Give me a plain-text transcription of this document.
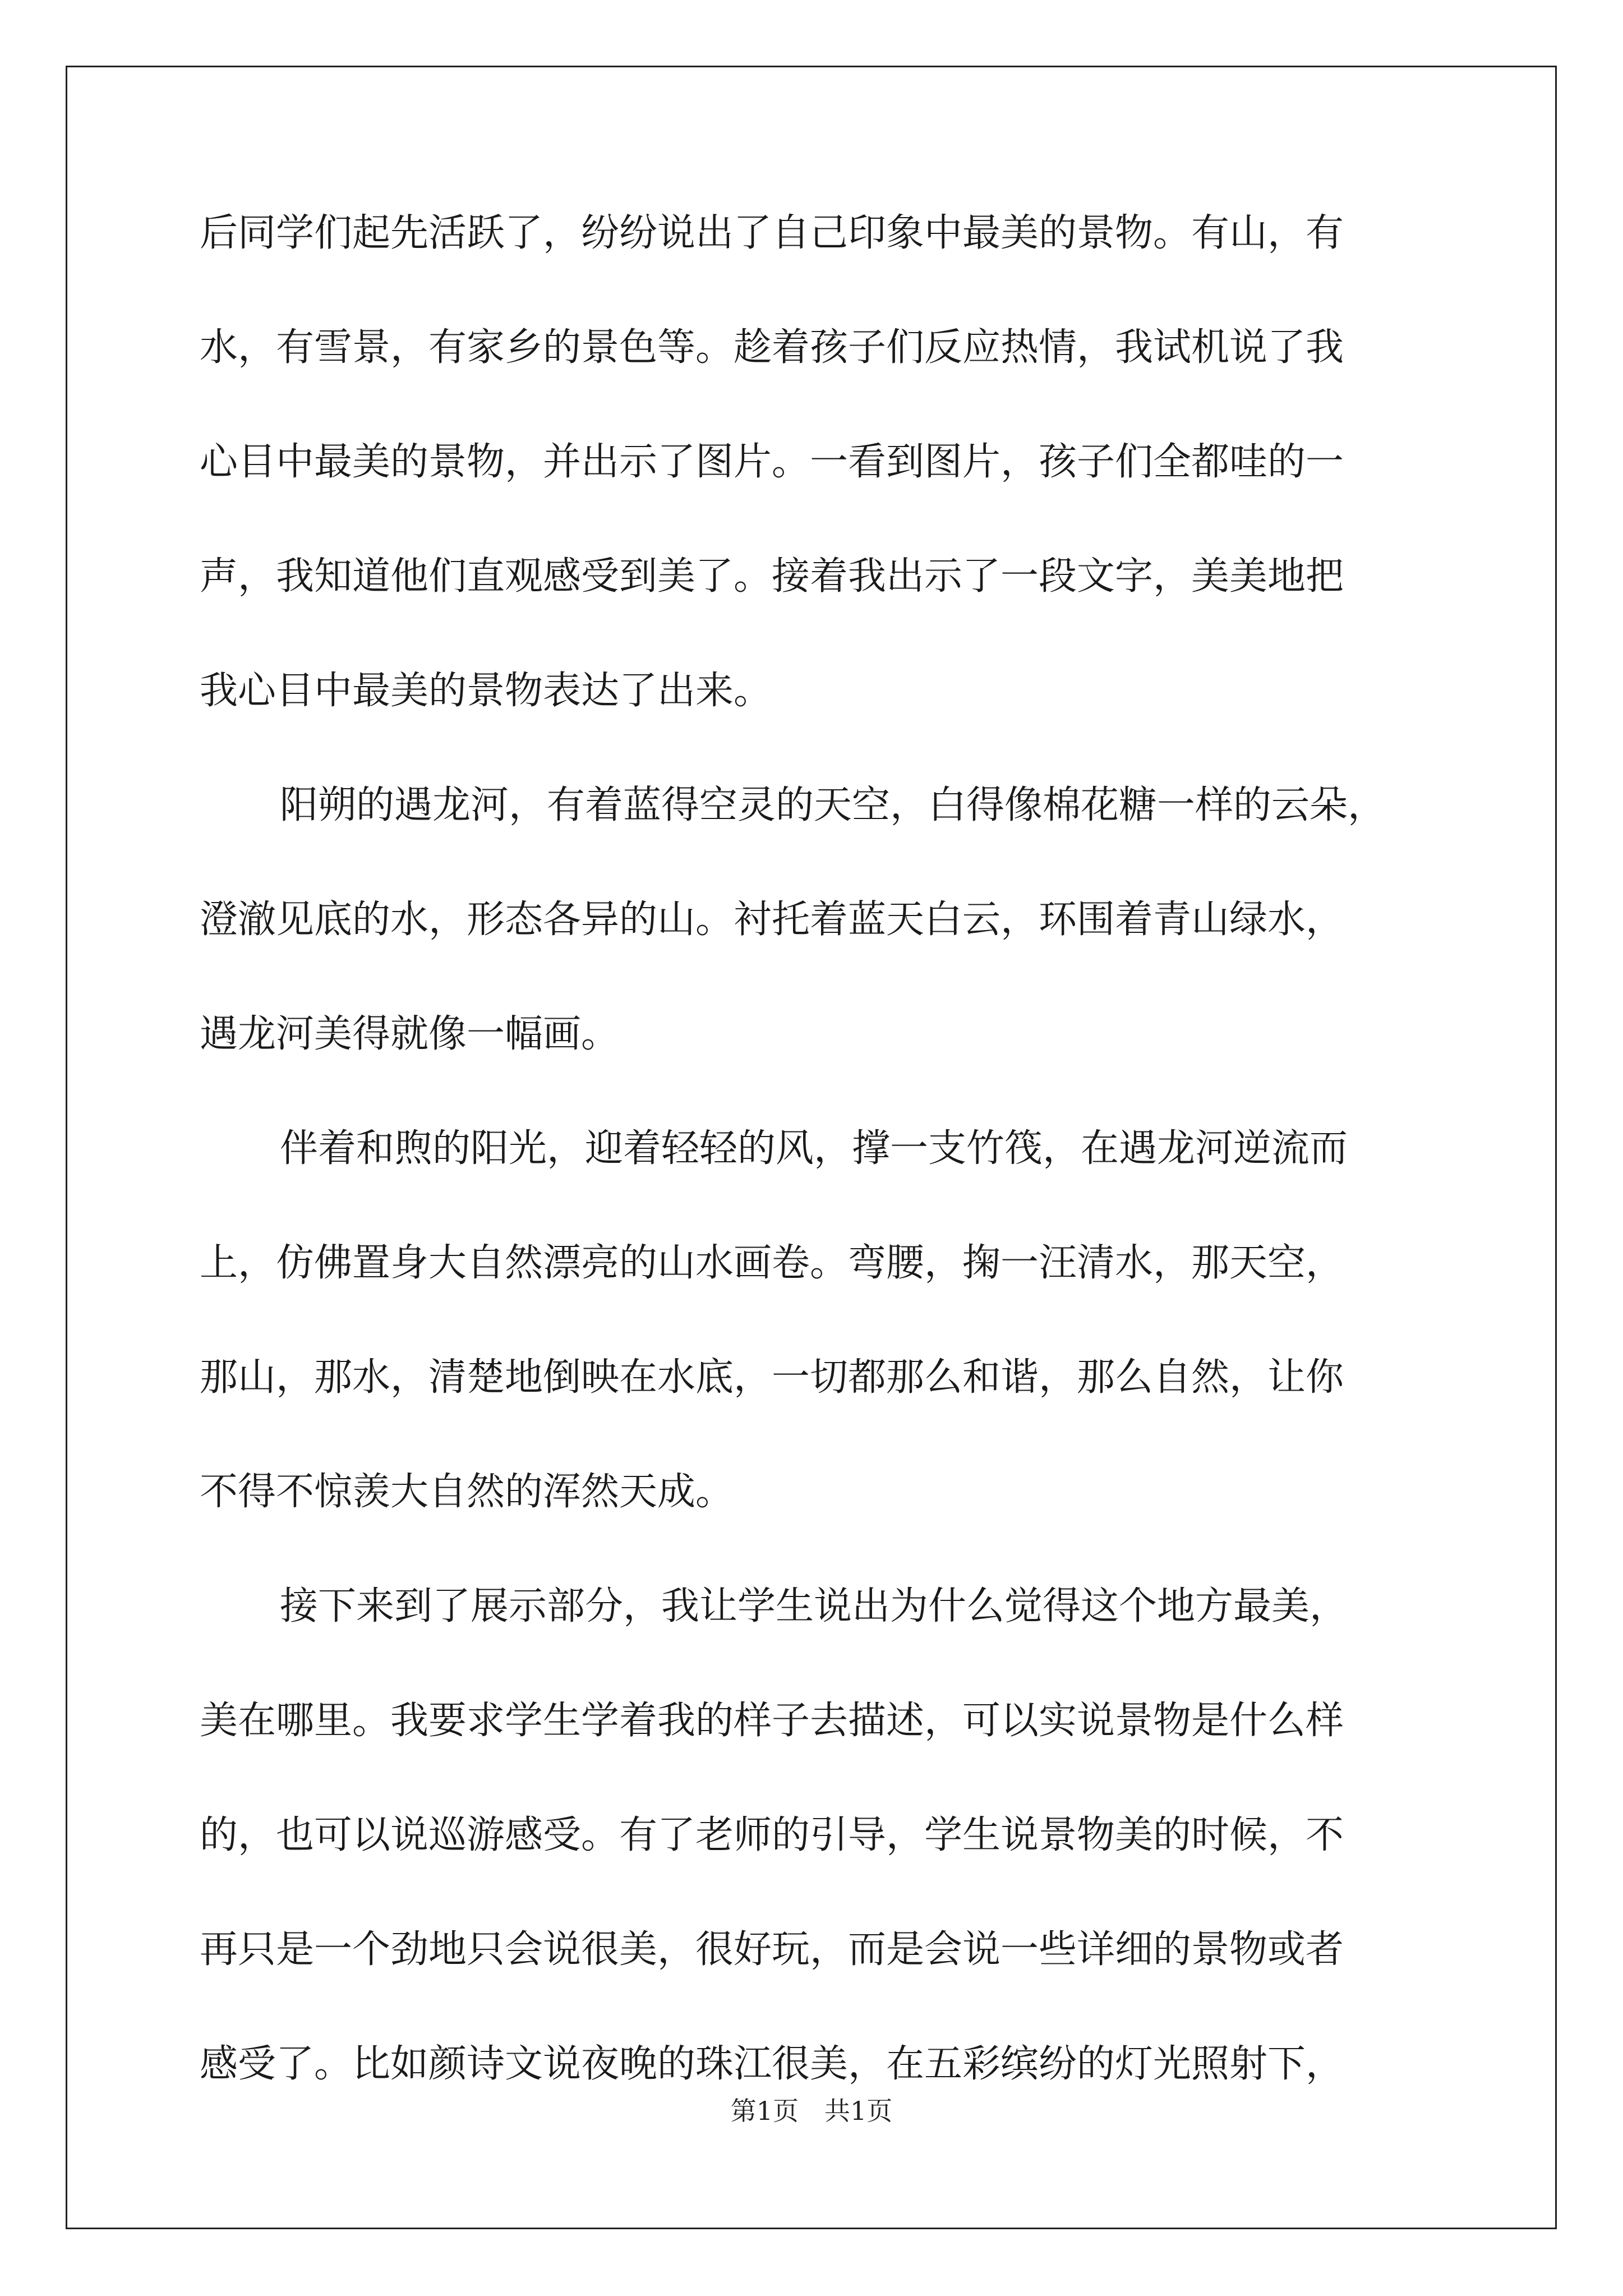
后同学们起先活跃了，纷纷说出了自己印象中最美的景物。有山，有

水，有雪景，有家乡的景色等。趁着孩子们反应热情，我试机说了我

心目中最美的景物，并出示了图片。一看到图片，孩子们全都哇的一

声，我知道他们直观感受到美了。接着我出示了一段文字，美美地把

我心目中最美的景物表达了出来。

阳朔的遇龙河，有着蓝得空灵的天空，白得像棉花糖一样的云朵，

澄澈见底的水，形态各异的山。衬托着蓝天白云，环围着青山绿水，

遇龙河美得就像一幅画。

伴着和煦的阳光，迎着轻轻的风，撑一支竹筏，在遇龙河逆流而

上，仿佛置身大自然漂亮的山水画卷。弯腰，掬一汪清水，那天空，

那山，那水，清楚地倒映在水底，一切都那么和谐，那么自然，让你

不得不惊羡大自然的浑然天成。

接下来到了展示部分，我让学生说出为什么觉得这个地方最美，

美在哪里。我要求学生学着我的样子去描述，可以实说景物是什么样

的，也可以说巡游感受。有了老师的引导，学生说景物美的时候，不

再只是一个劲地只会说很美，很好玩，而是会说一些详细的景物或者

感受了。比如颜诗文说夜晚的珠江很美，在五彩缤纷的灯光照射下，

第1页　共1页
